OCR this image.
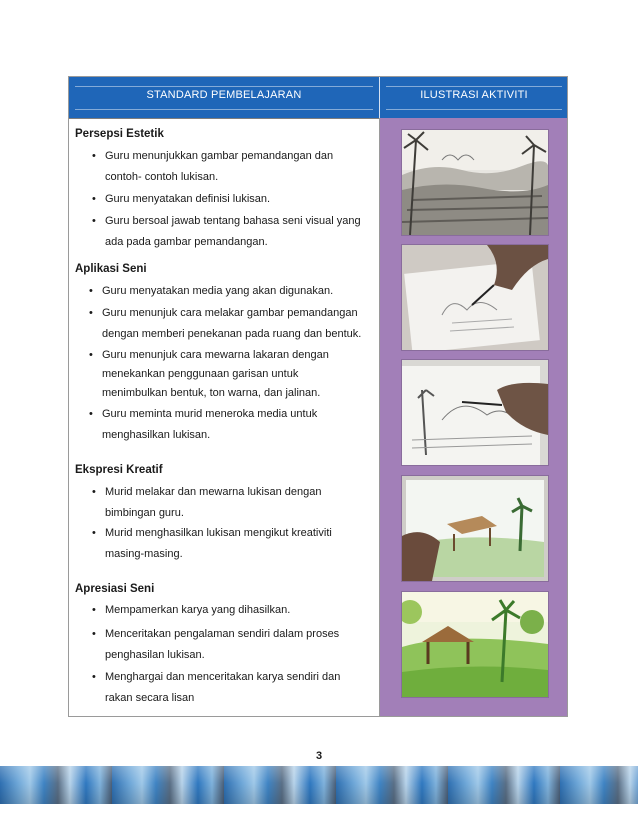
STANDARD PEMBELAJARAN	ILUSTRASI AKTIVITI
Persepsi Estetik
• Guru menunjukkan gambar pemandangan dan
contoh- contoh lukisan.
• Guru menyatakan definisi lukisan.
• Guru bersoal jawab tentang bahasa seni visual yang
ada pada gambar pemandangan.
Aplikasi Seni
• Guru menyatakan media yang akan digunakan.
• Guru menunjuk cara melakar gambar pemandangan
dengan memberi penekanan pada ruang dan bentuk.
• Guru menunjuk cara mewarna lakaran dengan
menekankan penggunaan garisan untuk
menimbulkan bentuk, ton warna, dan jalinan.
• Guru meminta murid meneroka media untuk
menghasilkan lukisan.
Ekspresi Kreatif
• Murid melakar dan mewarna lukisan dengan
bimbingan guru.
• Murid menghasilkan lukisan mengikut kreativiti
masing-masing.
Apresiasi Seni
• Mempamerkan karya yang dihasilkan.
• Menceritakan pengalaman sendiri dalam proses
penghasilan lukisan.
• Menghargai dan menceritakan karya sendiri dan
rakan secara lisan
3
